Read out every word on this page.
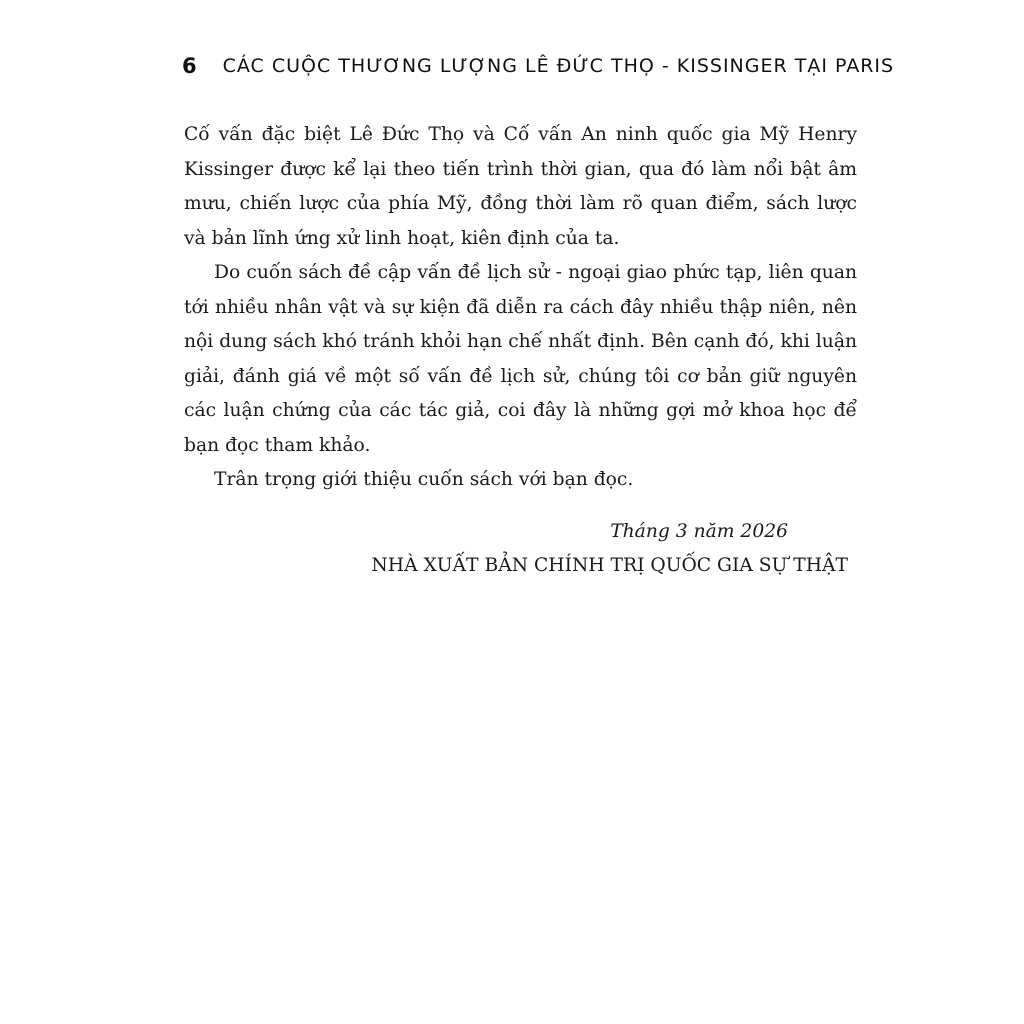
6 CÁC CUỘC THƯƠNG LƯỢNG LÊ ĐỨC THỌ - KISSINGER TẠI PARIS
Cố vấn đặc biệt Lê Đức Thọ và Cố vấn An ninh quốc gia Mỹ Henry
Kissinger được kể lại theo tiến trình thời gian, qua đó làm nổi bật âm
mưu, chiến lược của phía Mỹ, đồng thời làm rõ quan điểm, sách lược
và bản lĩnh ứng xử linh hoạt, kiên định của ta.
Do cuốn sách đề cập vấn đề lịch sử - ngoại giao phức tạp, liên quan
tới nhiều nhân vật và sự kiện đã diễn ra cách đây nhiều thập niên, nên
nội dung sách khó tránh khỏi hạn chế nhất định. Bên cạnh đó, khi luận
giải, đánh giá về một số vấn đề lịch sử, chúng tôi cơ bản giữ nguyên
các luận chứng của các tác giả, coi đây là những gợi mở khoa học để
bạn đọc tham khảo.
Trân trọng giới thiệu cuốn sách với bạn đọc.
Tháng 3 năm 2026
NHÀ XUẤT BẢN CHÍNH TRỊ QUỐC GIA SỰ THẬT
